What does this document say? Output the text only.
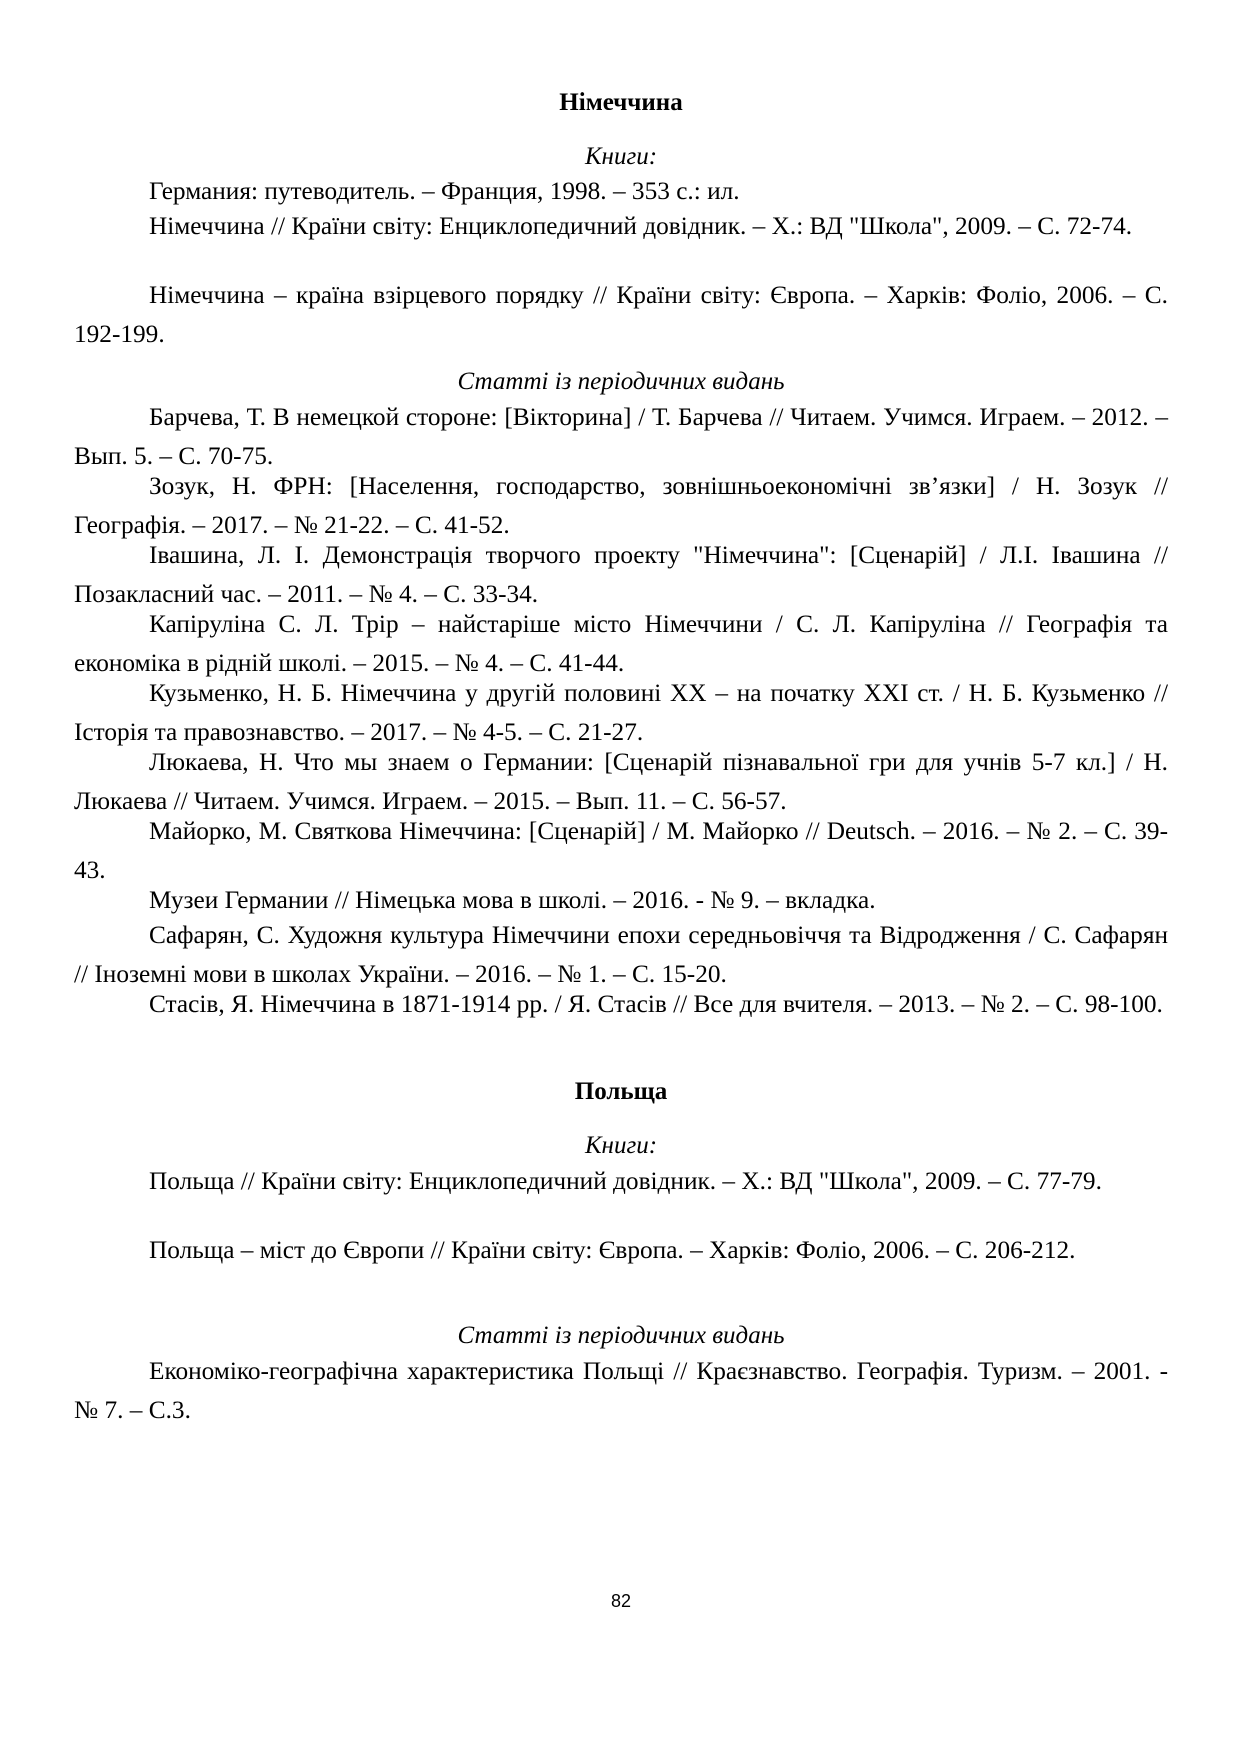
Німеччина
Книги:
Германия: путеводитель. – Франция, 1998. – 353 с.: ил.
Німеччина // Країни світу: Енциклопедичний довідник. – Х.: ВД "Школа", 2009. – С. 72-74.
Німеччина – країна взірцевого порядку // Країни світу: Європа. – Харків: Фоліо, 2006. – С. 192-199.
Статті із періодичних видань
Барчева, Т. В немецкой стороне: [Вікторина] / Т. Барчева // Читаем. Учимся. Играем. – 2012. – Вып. 5. – С. 70-75.
Зозук, Н. ФРН: [Населення, господарство, зовнішньоекономічні зв’язки] / Н. Зозук // Географія. – 2017. – № 21-22. – С. 41-52.
Івашина, Л. І. Демонстрація творчого проекту "Німеччина": [Сценарій] / Л.І. Івашина // Позакласний час. – 2011. – № 4. – С. 33-34.
Капіруліна С. Л. Трір – найстаріше місто Німеччини / С. Л. Капіруліна // Географія та економіка в рідній школі. – 2015. – № 4. – С. 41-44.
Кузьменко, Н. Б. Німеччина у другій половині ХХ – на початку ХХІ ст. / Н. Б. Кузьменко // Історія та правознавство. – 2017. – № 4-5. – С. 21-27.
Люкаева, Н. Что мы знаем о Германии: [Сценарій пізнавальної гри для учнів 5-7 кл.] / Н. Люкаева // Читаем. Учимся. Играем. – 2015. – Вып. 11. – С. 56-57.
Майорко, М. Святкова Німеччина: [Сценарій] / М. Майорко // Deutsch. – 2016. – № 2. – С. 39-43.
Музеи Германии // Німецька мова в школі. – 2016. - № 9. – вкладка.
Сафарян, С. Художня культура Німеччини епохи середньовіччя та Відродження / С. Сафарян // Іноземні мови в школах України. – 2016. – № 1. – С. 15-20.
Стасів, Я. Німеччина в 1871-1914 рр. / Я. Стасів // Все для вчителя. – 2013. – № 2. – С. 98-100.
Польща
Книги:
Польща // Країни світу: Енциклопедичний довідник. – Х.: ВД "Школа", 2009. – С. 77-79.
Польща – міст до Європи // Країни світу: Європа. – Харків: Фоліо, 2006. – С. 206-212.
Статті із періодичних видань
Економіко-географічна характеристика Польщі // Краєзнавство. Географія. Туризм. – 2001. - № 7. – С.3.
82
